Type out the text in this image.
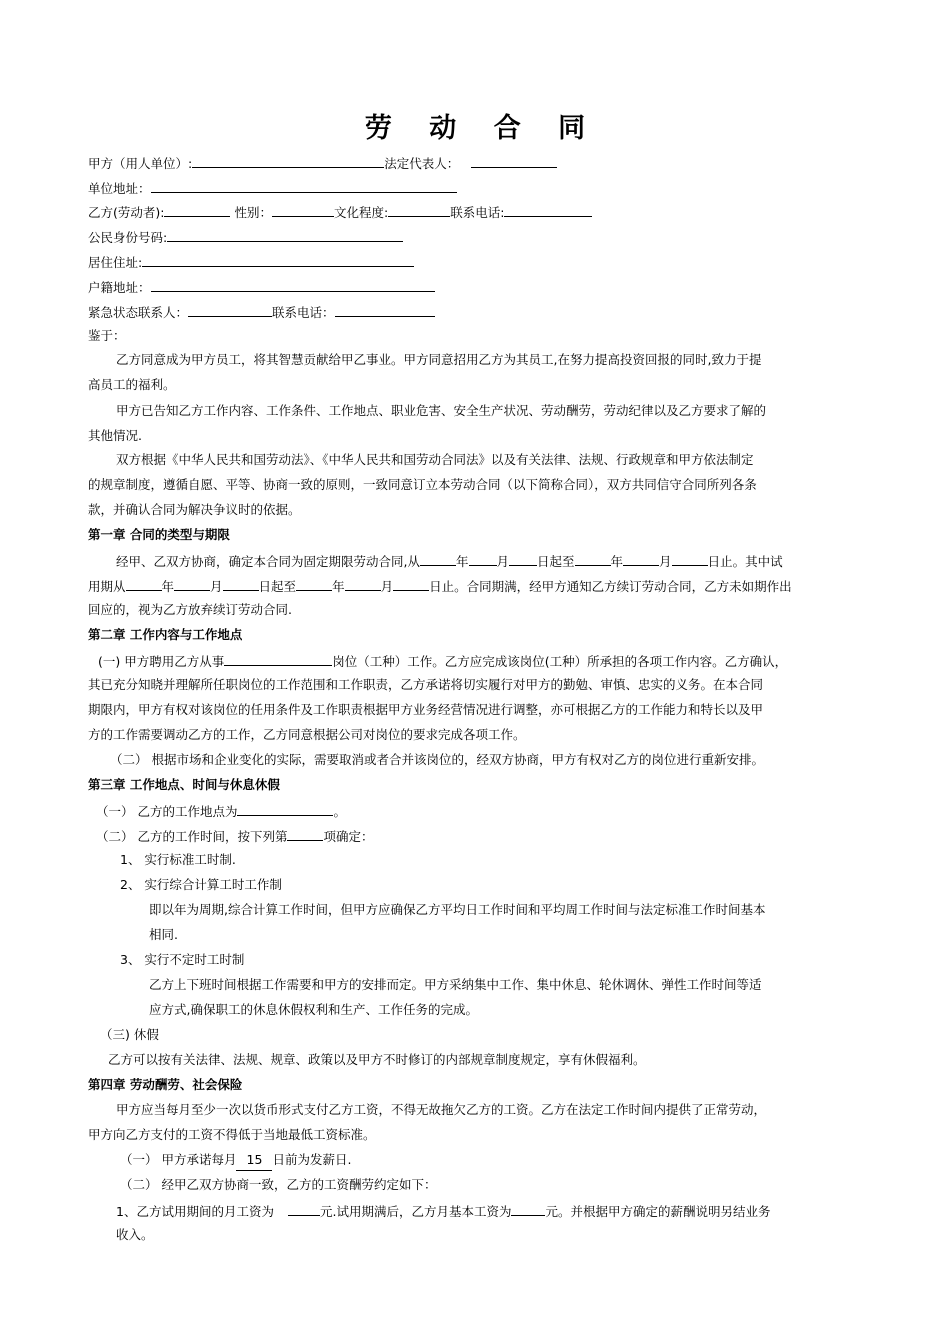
劳 动 合 同
甲方（用人单位）:	法定代表人：
单位地址：
乙方(劳动者):	性别：	文化程度:	联系电话:
公民身份号码:
居住住址:
户籍地址：
紧急状态联系人：	联系电话：
鉴于：
乙方同意成为甲方员工，将其智慧贡献给甲乙事业。甲方同意招用乙方为其员工,在努力提高投资回报的同时,致力于提
高员工的福利。
甲方已告知乙方工作内容、工作条件、工作地点、职业危害、安全生产状况、劳动酬劳，劳动纪律以及乙方要求了解的
其他情况.
双方根据《中华人民共和国劳动法》、《中华人民共和国劳动合同法》以及有关法律、法规、行政规章和甲方依法制定
的规章制度，遵循自愿、平等、协商一致的原则，一致同意订立本劳动合同（以下简称合同），双方共同信守合同所列各条
款，并确认合同为解决争议时的依据。
第一章 合同的类型与期限
经甲、乙双方协商，确定本合同为固定期限劳动合同,从	年 月 日起至	年	月	日止。其中试
用期从	年	月	日起至	年	月	日止。合同期满，经甲方通知乙方续订劳动合同，乙方未如期作出
回应的，视为乙方放弃续订劳动合同.
第二章 工作内容与工作地点
(一) 甲方聘用乙方从事	岗位（工种）工作。乙方应完成该岗位(工种）所承担的各项工作内容。乙方确认，
其已充分知晓并理解所任职岗位的工作范围和工作职责，乙方承诺将切实履行对甲方的勤勉、审慎、忠实的义务。在本合同
期限内，甲方有权对该岗位的任用条件及工作职责根据甲方业务经营情况进行调整，亦可根据乙方的工作能力和特长以及甲
方的工作需要调动乙方的工作，乙方同意根据公司对岗位的要求完成各项工作。
（二） 根据市场和企业变化的实际，需要取消或者合并该岗位的，经双方协商，甲方有权对乙方的岗位进行重新安排。
第三章 工作地点、时间与休息休假
（一） 乙方的工作地点为	。
（二） 乙方的工作时间，按下列第	项确定：
1、 实行标准工时制.
2、 实行综合计算工时工作制
即以年为周期,综合计算工作时间，但甲方应确保乙方平均日工作时间和平均周工作时间与法定标准工作时间基本
相同.
3、 实行不定时工时制
乙方上下班时间根据工作需要和甲方的安排而定。甲方采纳集中工作、集中休息、轮休调休、弹性工作时间等适
应方式,确保职工的休息休假权利和生产、工作任务的完成。
（三) 休假
乙方可以按有关法律、法规、规章、政策以及甲方不时修订的内部规章制度规定，享有休假福利。
第四章 劳动酬劳、社会保险
甲方应当每月至少一次以货币形式支付乙方工资，不得无故拖欠乙方的工资。乙方在法定工作时间内提供了正常劳动，
甲方向乙方支付的工资不得低于当地最低工资标准。
（一） 甲方承诺每月 15 日前为发薪日.
（二） 经甲乙双方协商一致，乙方的工资酬劳约定如下：
1、乙方试用期间的月工资为	元.试用期满后，乙方月基本工资为	元。并根据甲方确定的薪酬说明另结业务
收入。
